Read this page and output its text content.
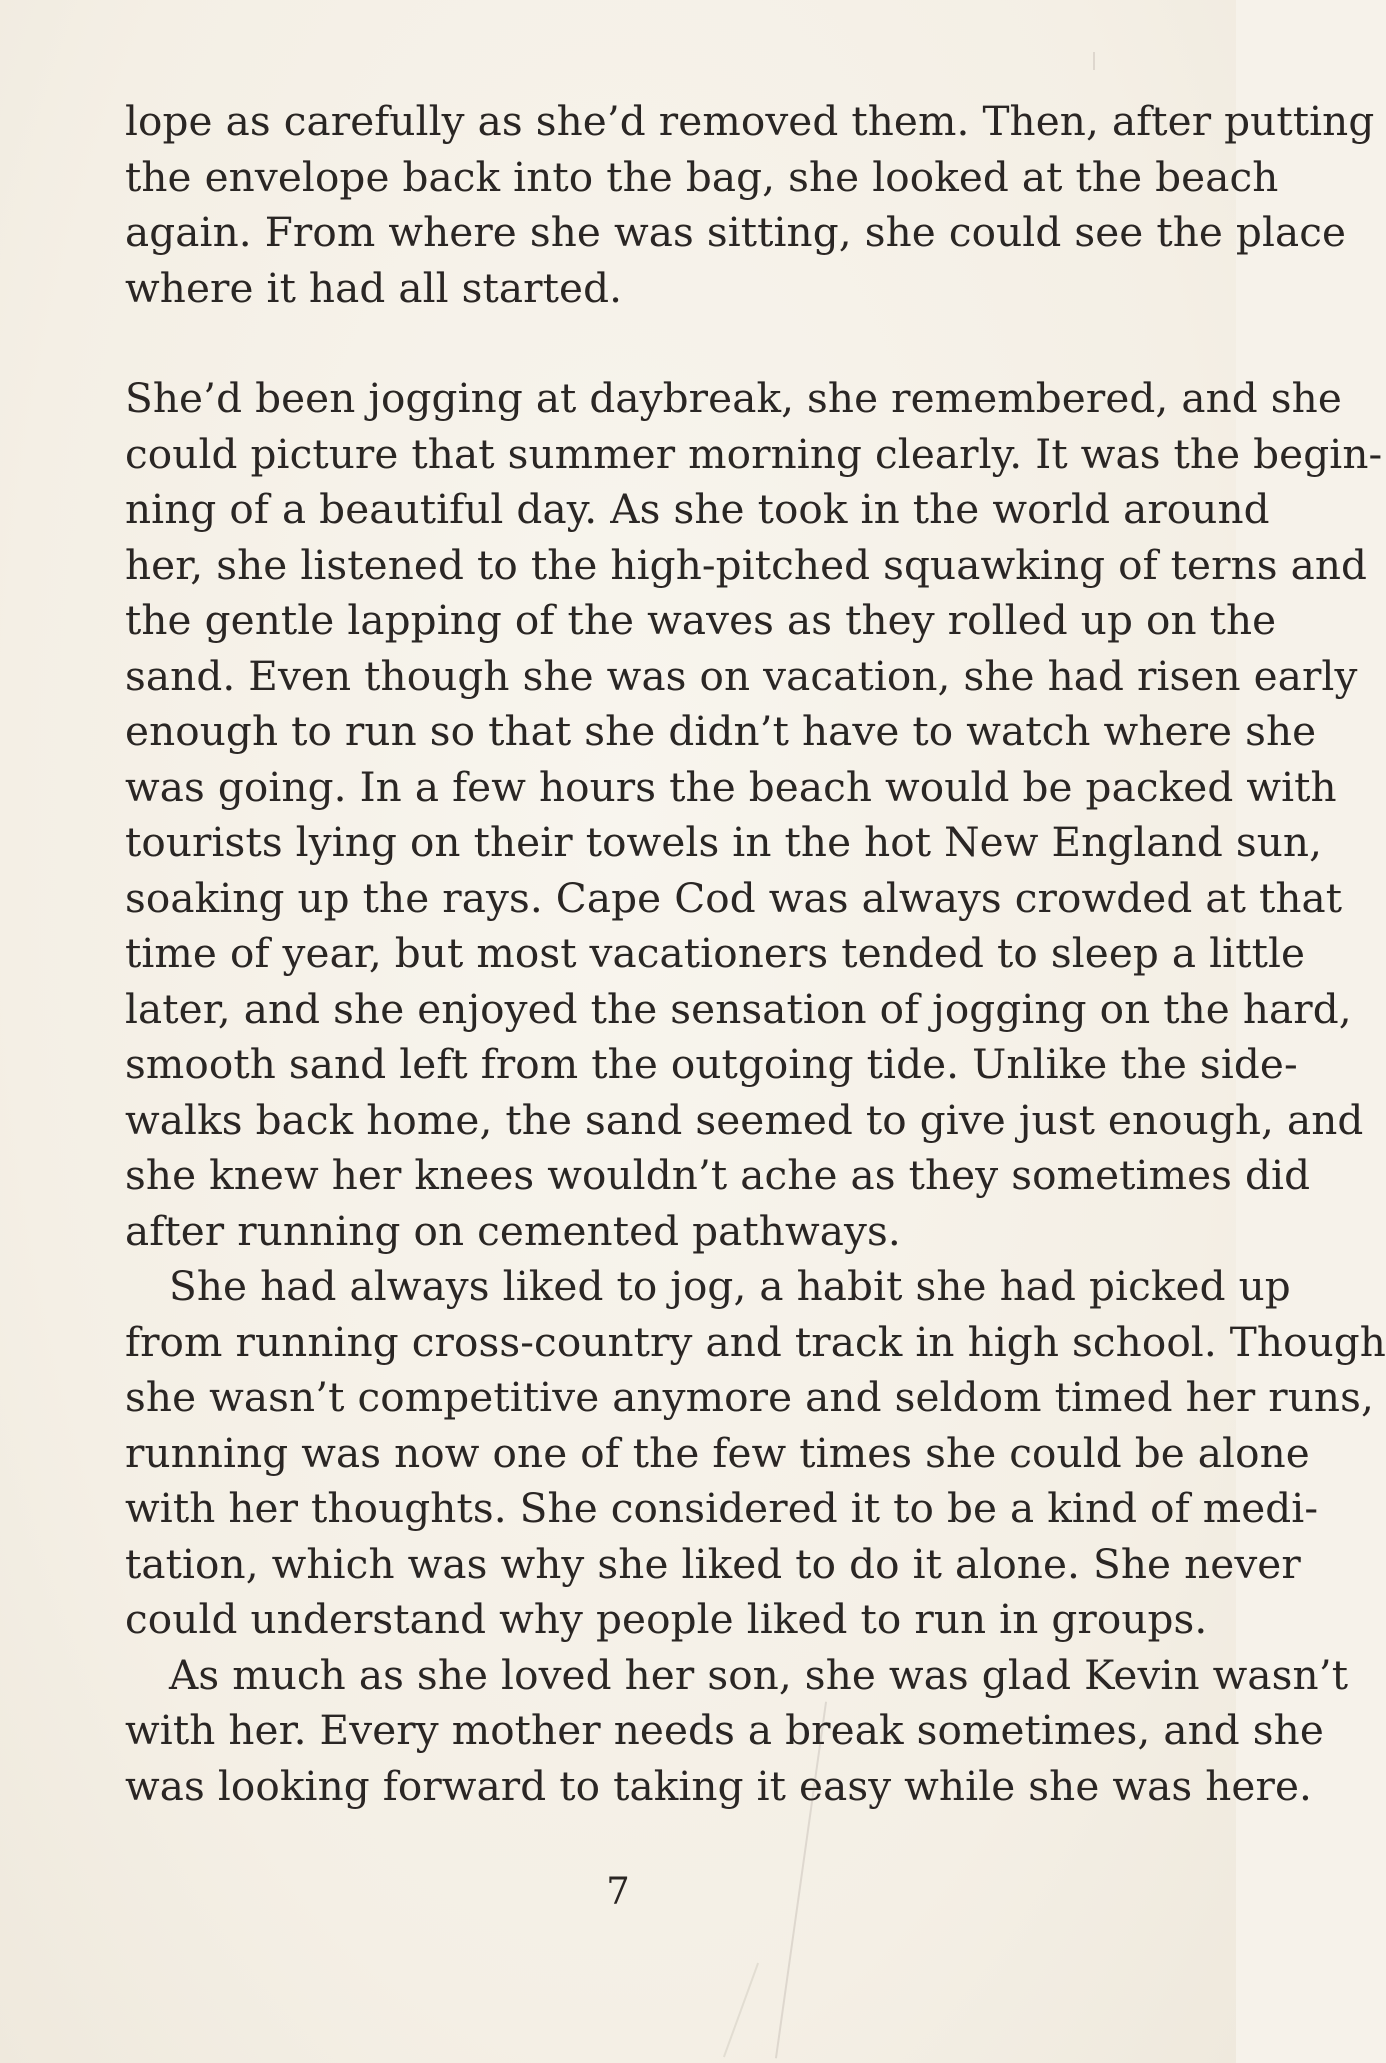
lope as carefully as she’d removed them. Then, after putting
the envelope back into the bag, she looked at the beach
again. From where she was sitting, she could see the place
where it had all started.
She’d been jogging at daybreak, she remembered, and she
could picture that summer morning clearly. It was the begin-
ning of a beautiful day. As she took in the world around
her, she listened to the high-pitched squawking of terns and
the gentle lapping of the waves as they rolled up on the
sand. Even though she was on vacation, she had risen early
enough to run so that she didn’t have to watch where she
was going. In a few hours the beach would be packed with
tourists lying on their towels in the hot New England sun,
soaking up the rays. Cape Cod was always crowded at that
time of year, but most vacationers tended to sleep a little
later, and she enjoyed the sensation of jogging on the hard,
smooth sand left from the outgoing tide. Unlike the side-
walks back home, the sand seemed to give just enough, and
she knew her knees wouldn’t ache as they sometimes did
after running on cemented pathways.
She had always liked to jog, a habit she had picked up
from running cross-country and track in high school. Though
she wasn’t competitive anymore and seldom timed her runs,
running was now one of the few times she could be alone
with her thoughts. She considered it to be a kind of medi-
tation, which was why she liked to do it alone. She never
could understand why people liked to run in groups.
As much as she loved her son, she was glad Kevin wasn’t
with her. Every mother needs a break sometimes, and she
was looking forward to taking it easy while she was here.
7
